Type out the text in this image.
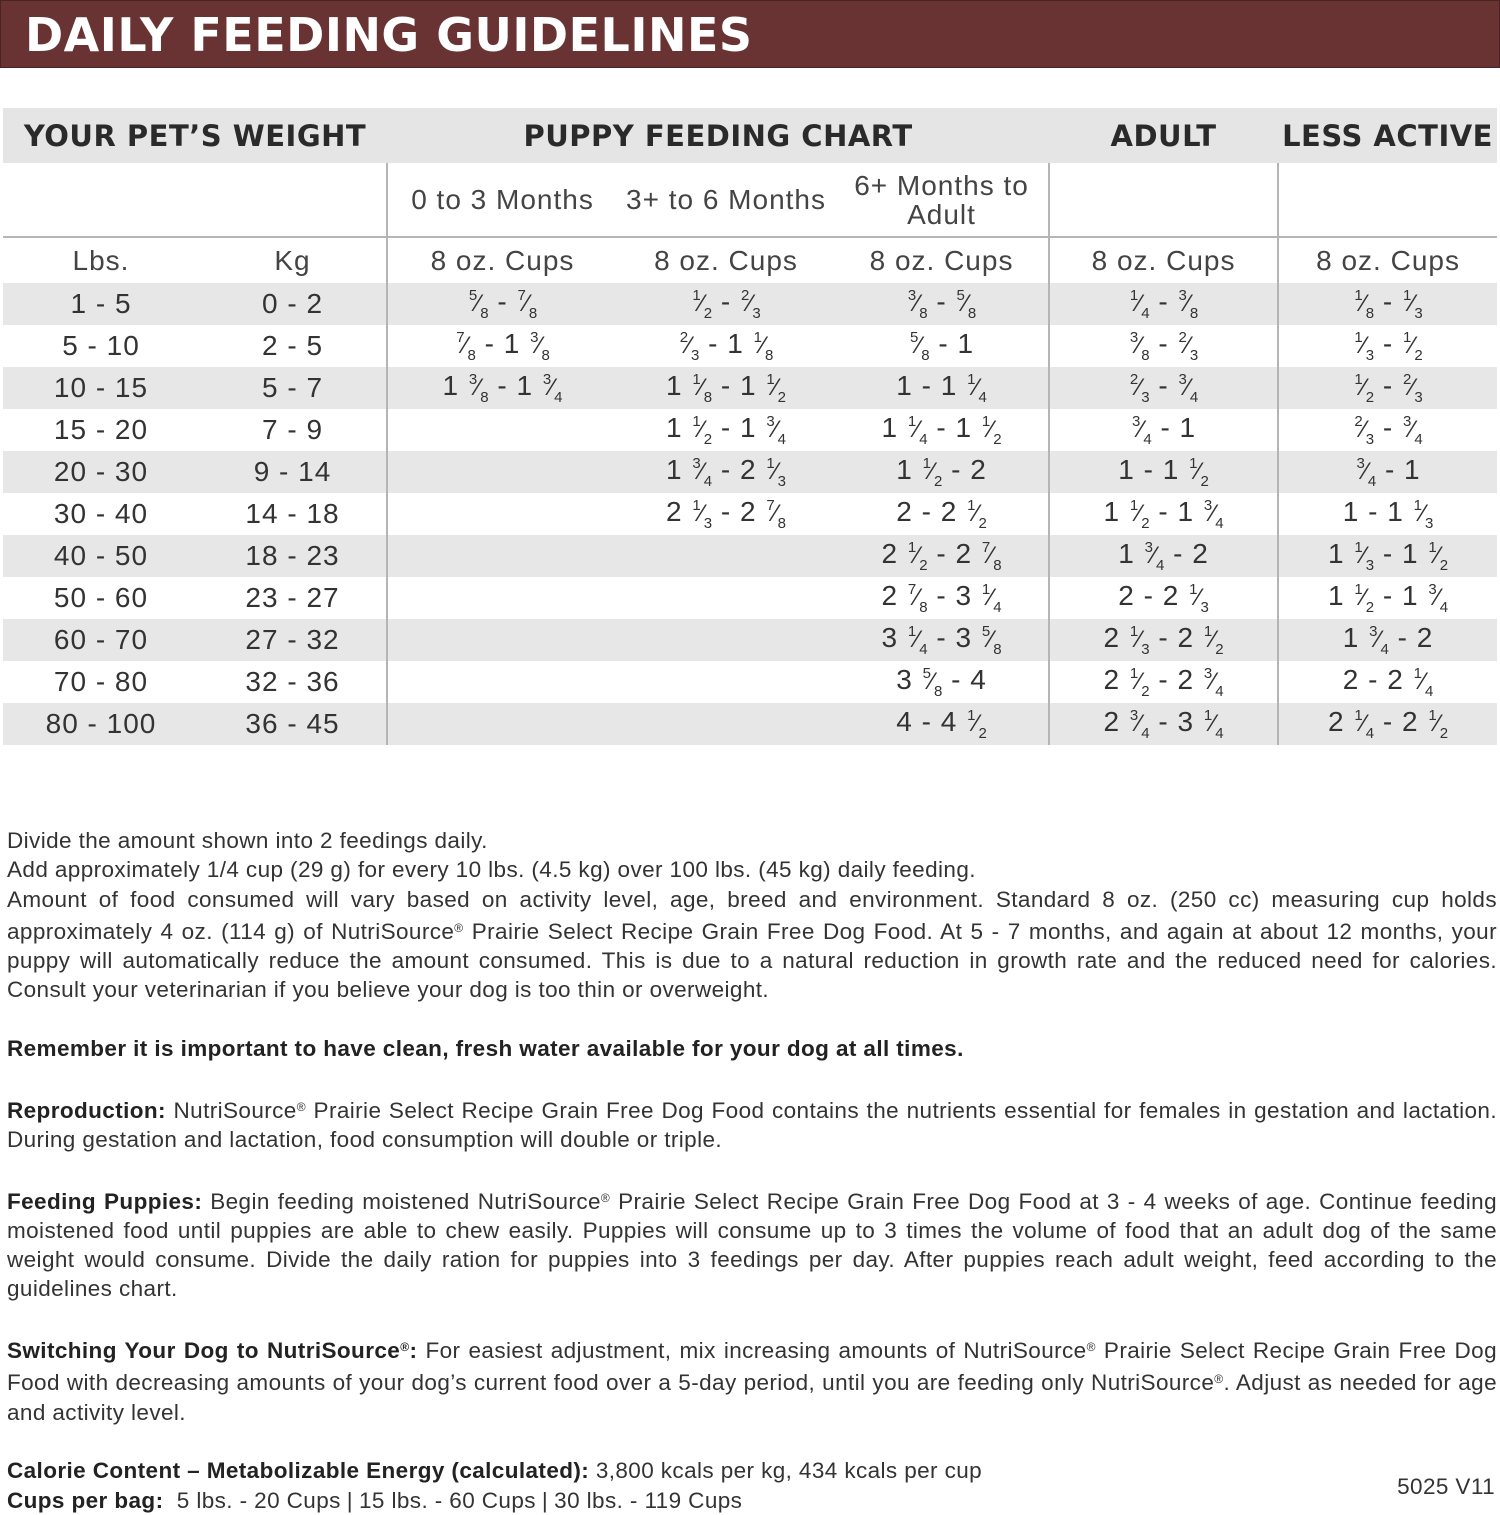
DAILY FEEDING GUIDELINES
YOUR PET’S WEIGHT		PUPPY FEEDING CHART			ADULT	LESS ACTIVE
		0 to 3 Months	3+ to 6 Months	6+ Months to Adult		
Lbs.	Kg	8 oz. Cups	8 oz. Cups	8 oz. Cups	8 oz. Cups	8 oz. Cups
1 - 5	0 - 2	$^5⁄_8$ - $^7⁄_8$	$^1⁄_2$ - $^2⁄_3$	$^3⁄_8$ - $^5⁄_8$	$^1⁄_4$ - $^3⁄_8$	$^1⁄_8$ - $^1⁄_3$
5 - 10	2 - 5	$^7⁄_8 - 1$ $^3⁄_8$	$^2⁄_3 - 1$ $^1⁄_8$	$^5⁄_8 - 1$	$^3⁄_8$ - $^2⁄_3$	$^1⁄_3$ - $^1⁄_2$
10 - 15	5 - 7	1 $^3⁄_8 - 1$ $^3⁄_4$	1 $^1⁄_8 - 1$ $^1⁄_2$	1 - 1 $^1⁄_4$	$^2⁄_3$ - $^3⁄_4$	$^1⁄_2$ - $^2⁄_3$
15 - 20	7 - 9		1 $^1⁄_2 - 1$ $^3⁄_4$	1 $^1⁄_4 - 1$ $^1⁄_2$	$^3⁄_4 - 1$	$^2⁄_3$ - $^3⁄_4$
20 - 30	9 - 14		1 $^3⁄_4 - 2$ $^1⁄_3$	1 $^1⁄_2 - 2$	1 - 1 $^1⁄_2$	$^3⁄_4 - 1$
30 - 40	14 - 18		2 $^1⁄_3 - 2$ $^7⁄_8$	2 - 2 $^1⁄_2$	1 $^1⁄_2 - 1$ $^3⁄_4$	1 - 1 $^1⁄_3$
40 - 50	18 - 23			2 $^1⁄_2 - 2$ $^7⁄_8$	1 $^3⁄_4 - 2$	1 $^1⁄_3 - 1$ $^1⁄_2$
50 - 60	23 - 27			2 $^7⁄_8 - 3$ $^1⁄_4$	2 - 2 $^1⁄_3$	1 $^1⁄_2 - 1$ $^3⁄_4$
60 - 70	27 - 32			3 $^1⁄_4 - 3$ $^5⁄_8$	2 $^1⁄_3 - 2$ $^1⁄_2$	1 $^3⁄_4 - 2$
70 - 80	32 - 36			3 $^5⁄_8 - 4$	2 $^1⁄_2 - 2$ $^3⁄_4$	2 - 2 $^1⁄_4$
80 - 100	36 - 45			4 - 4 $^1⁄_2$	2 $^3⁄_4 - 3$ $^1⁄_4$	2 $^1⁄_4 - 2$ $^1⁄_2$

Divide the amount shown into 2 feedings daily.

Add approximately 1/4 cup (29 g) for every 10 lbs. (4.5 kg) over 100 lbs. (45 kg) daily feeding.

Amount of food consumed will vary based on activity level, age, breed and environment. Standard 8 oz. (250 cc) measuring cup holds approximately 4 oz. (114 g) of NutriSource® Prairie Select Recipe Grain Free Dog Food. At 5 - 7 months, and again at about 12 months, your puppy will automatically reduce the amount consumed. This is due to a natural reduction in growth rate and the reduced need for calories. Consult your veterinarian if you believe your dog is too thin or overweight.

Remember it is important to have clean, fresh water available for your dog at all times.

Reproduction: NutriSource® Prairie Select Recipe Grain Free Dog Food contains the nutrients essential for females in gestation and lactation. During gestation and lactation, food consumption will double or triple.

Feeding Puppies: Begin feeding moistened NutriSource® Prairie Select Recipe Grain Free Dog Food at 3 - 4 weeks of age. Continue feeding moistened food until puppies are able to chew easily. Puppies will consume up to 3 times the volume of food that an adult dog of the same weight would consume. Divide the daily ration for puppies into 3 feedings per day. After puppies reach adult weight, feed according to the guidelines chart.

Switching Your Dog to NutriSource®: For easiest adjustment, mix increasing amounts of NutriSource® Prairie Select Recipe Grain Free Dog Food with decreasing amounts of your dog’s current food over a 5-day period, until you are feeding only NutriSource®. Adjust as needed for age and activity level.

Calorie Content – Metabolizable Energy (calculated): 3,800 kcals per kg, 434 kcals per cup

Cups per bag: 5 lbs. - 20 Cups | 15 lbs. - 60 Cups | 30 lbs. - 119 Cups

5025 V11
